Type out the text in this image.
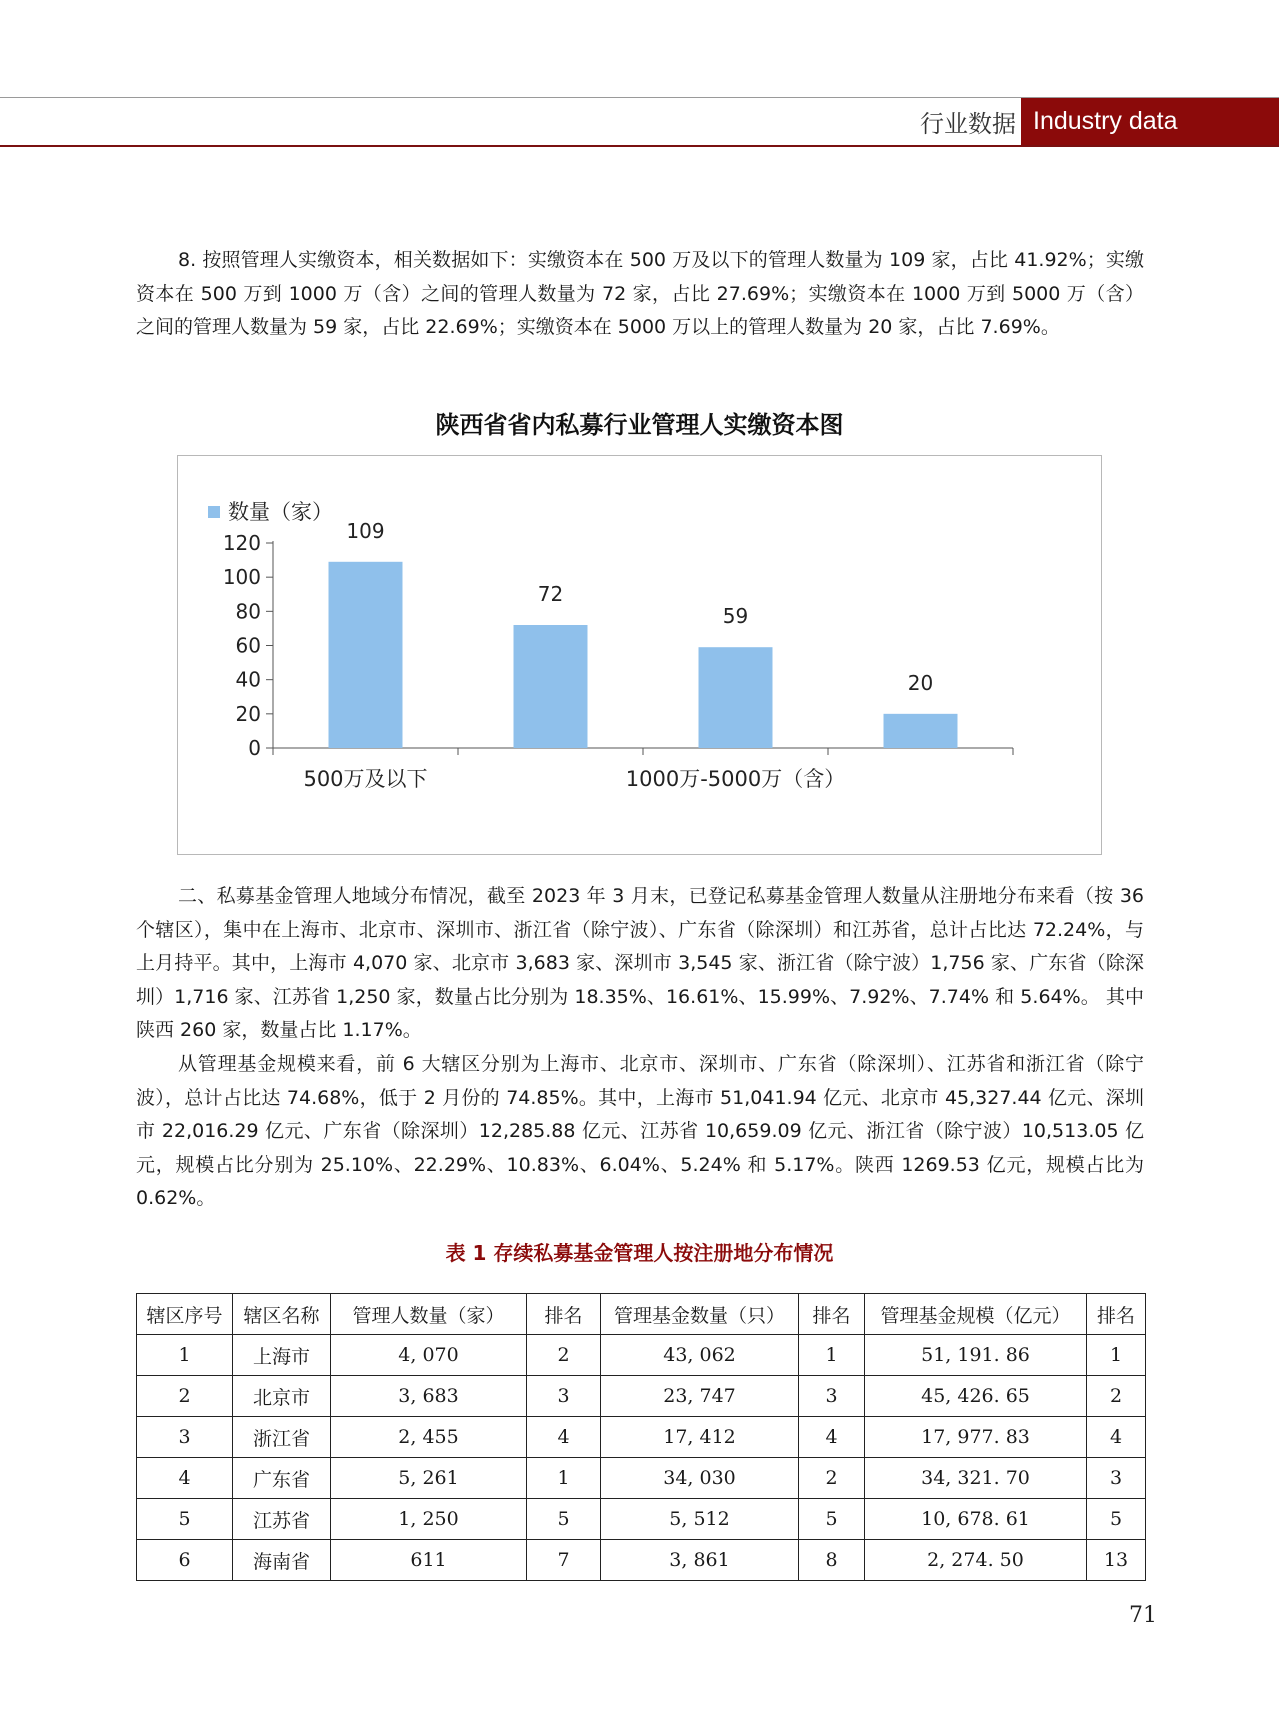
行业数据 Industry data

8. 按照管理人实缴资本，相关数据如下：实缴资本在 500 万及以下的管理人数量为 109 家，占比 41.92%；实缴资本在 500 万到 1000 万（含）之间的管理人数量为 72 家，占比 27.69%；实缴资本在 1000 万到 5000 万（含）之间的管理人数量为 59 家，占比 22.69%；实缴资本在 5000 万以上的管理人数量为 20 家，占比 7.69%。

陕西省省内私募行业管理人实缴资本图
数量（家）
0
20
40
60
80
100
120
109
72
59
20
500万及以下	1000万-5000万（含）

二、私募基金管理人地域分布情况，截至 2023 年 3 月末，已登记私募基金管理人数量从注册地分布来看（按 36 个辖区），集中在上海市、北京市、深圳市、浙江省（除宁波）、广东省（除深圳）和江苏省，总计占比达 72.24%，与上月持平。其中，上海市 4,070 家、北京市 3,683 家、深圳市 3,545 家、浙江省（除宁波）1,756 家、广东省（除深圳）1,716 家、江苏省 1,250 家，数量占比分别为 18.35%、16.61%、15.99%、7.92%、7.74% 和 5.64%。 其中陕西 260 家，数量占比 1.17%。

从管理基金规模来看，前 6 大辖区分别为上海市、北京市、深圳市、广东省（除深圳）、江苏省和浙江省（除宁波），总计占比达 74.68%，低于 2 月份的 74.85%。其中，上海市 51,041.94 亿元、北京市 45,327.44 亿元、深圳市 22,016.29 亿元、广东省（除深圳）12,285.88 亿元、江苏省 10,659.09 亿元、浙江省（除宁波）10,513.05 亿元，规模占比分别为 25.10%、22.29%、10.83%、6.04%、5.24% 和 5.17%。陕西 1269.53 亿元，规模占比为 0.62%。

表 1 存续私募基金管理人按注册地分布情况
辖区序号	辖区名称	管理人数量（家）	排名	管理基金数量（只）	排名	管理基金规模（亿元）	排名
1	上海市	4, 070	2	43, 062	1	51, 191. 86	1
2	北京市	3, 683	3	23, 747	3	45, 426. 65	2
3	浙江省	2, 455	4	17, 412	4	17, 977. 83	4
4	广东省	5, 261	1	34, 030	2	34, 321. 70	3
5	江苏省	1, 250	5	5, 512	5	10, 678. 61	5
6	海南省	611	7	3, 861	8	2, 274. 50	13
71
